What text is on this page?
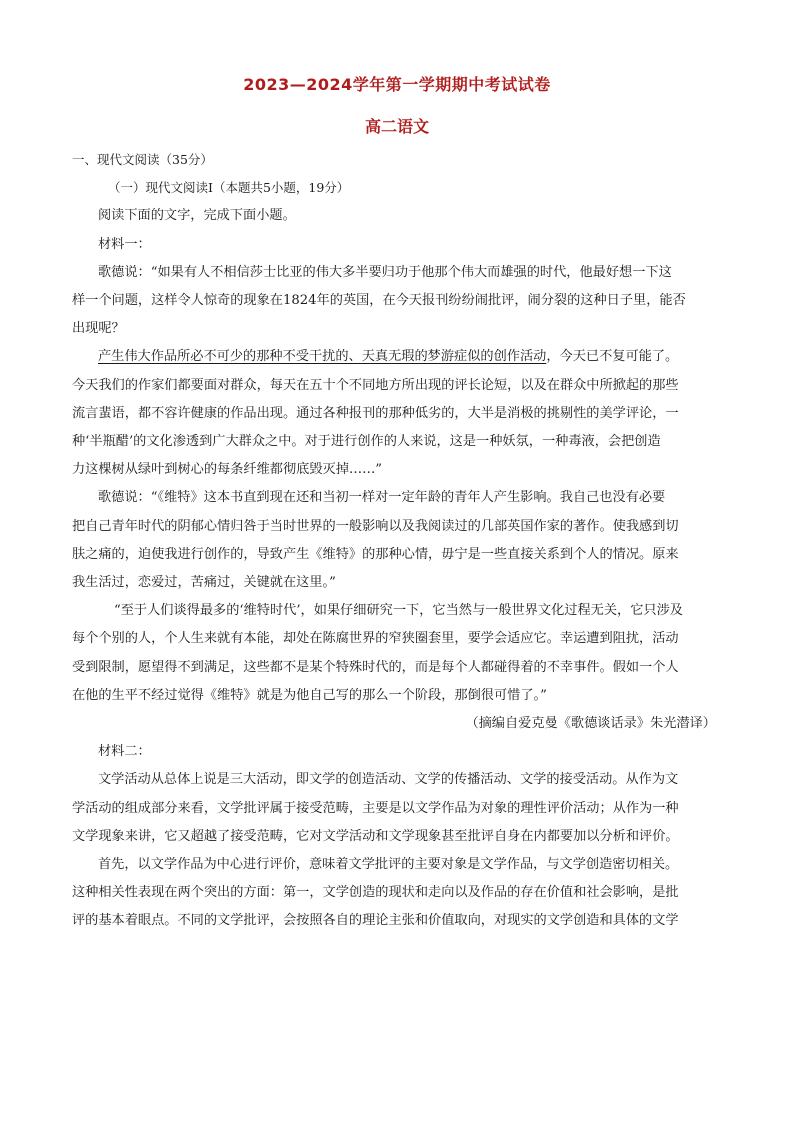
2023—2024学年第一学期期中考试试卷
高二语文
一、现代文阅读（35分）
（一）现代文阅读Ⅰ（本题共5小题，19分）
阅读下面的文字，完成下面小题。
材料一：
歌德说：“如果有人不相信莎士比亚的伟大多半要归功于他那个伟大而雄强的时代，他最好想一下这
样一个问题，这样令人惊奇的现象在1824年的英国，在今天报刊纷纷闹批评，闹分裂的这种日子里，能否
出现呢？
产生伟大作品所必不可少的那种不受干扰的、天真无瑕的梦游症似的创作活动，今天已不复可能了。
今天我们的作家们都要面对群众，每天在五十个不同地方所出现的评长论短，以及在群众中所掀起的那些
流言蜚语，都不容许健康的作品出现。通过各种报刊的那种低劣的，大半是消极的挑剔性的美学评论，一
种‘半瓶醋’的文化渗透到广大群众之中。对于进行创作的人来说，这是一种妖氛，一种毒液，会把创造
力这棵树从绿叶到树心的每条纤维都彻底毁灭掉……”
歌德说：“《维特》这本书直到现在还和当初一样对一定年龄的青年人产生影响。我自己也没有必要
把自己青年时代的阴郁心情归咎于当时世界的一般影响以及我阅读过的几部英国作家的著作。使我感到切
肤之痛的，迫使我进行创作的，导致产生《维特》的那种心情，毋宁是一些直接关系到个人的情况。原来
我生活过，恋爱过，苦痛过，关键就在这里。”
“至于人们谈得最多的‘维特时代’，如果仔细研究一下，它当然与一般世界文化过程无关，它只涉及
每个个别的人，个人生来就有本能，却处在陈腐世界的窄狭圈套里，要学会适应它。幸运遭到阻扰，活动
受到限制，愿望得不到满足，这些都不是某个特殊时代的，而是每个人都碰得着的不幸事件。假如一个人
在他的生平不经过觉得《维特》就是为他自己写的那么一个阶段，那倒很可惜了。”
（摘编自爱克曼《歌德谈话录》朱光潜译）
材料二：
文学活动从总体上说是三大活动，即文学的创造活动、文学的传播活动、文学的接受活动。从作为文
学活动的组成部分来看，文学批评属于接受范畴，主要是以文学作品为对象的理性评价活动；从作为一种
文学现象来讲，它又超越了接受范畴，它对文学活动和文学现象甚至批评自身在内都要加以分析和评价。
首先，以文学作品为中心进行评价，意味着文学批评的主要对象是文学作品，与文学创造密切相关。
这种相关性表现在两个突出的方面：第一，文学创造的现状和走向以及作品的存在价值和社会影响，是批
评的基本着眼点。不同的文学批评，会按照各自的理论主张和价值取向，对现实的文学创造和具体的文学
